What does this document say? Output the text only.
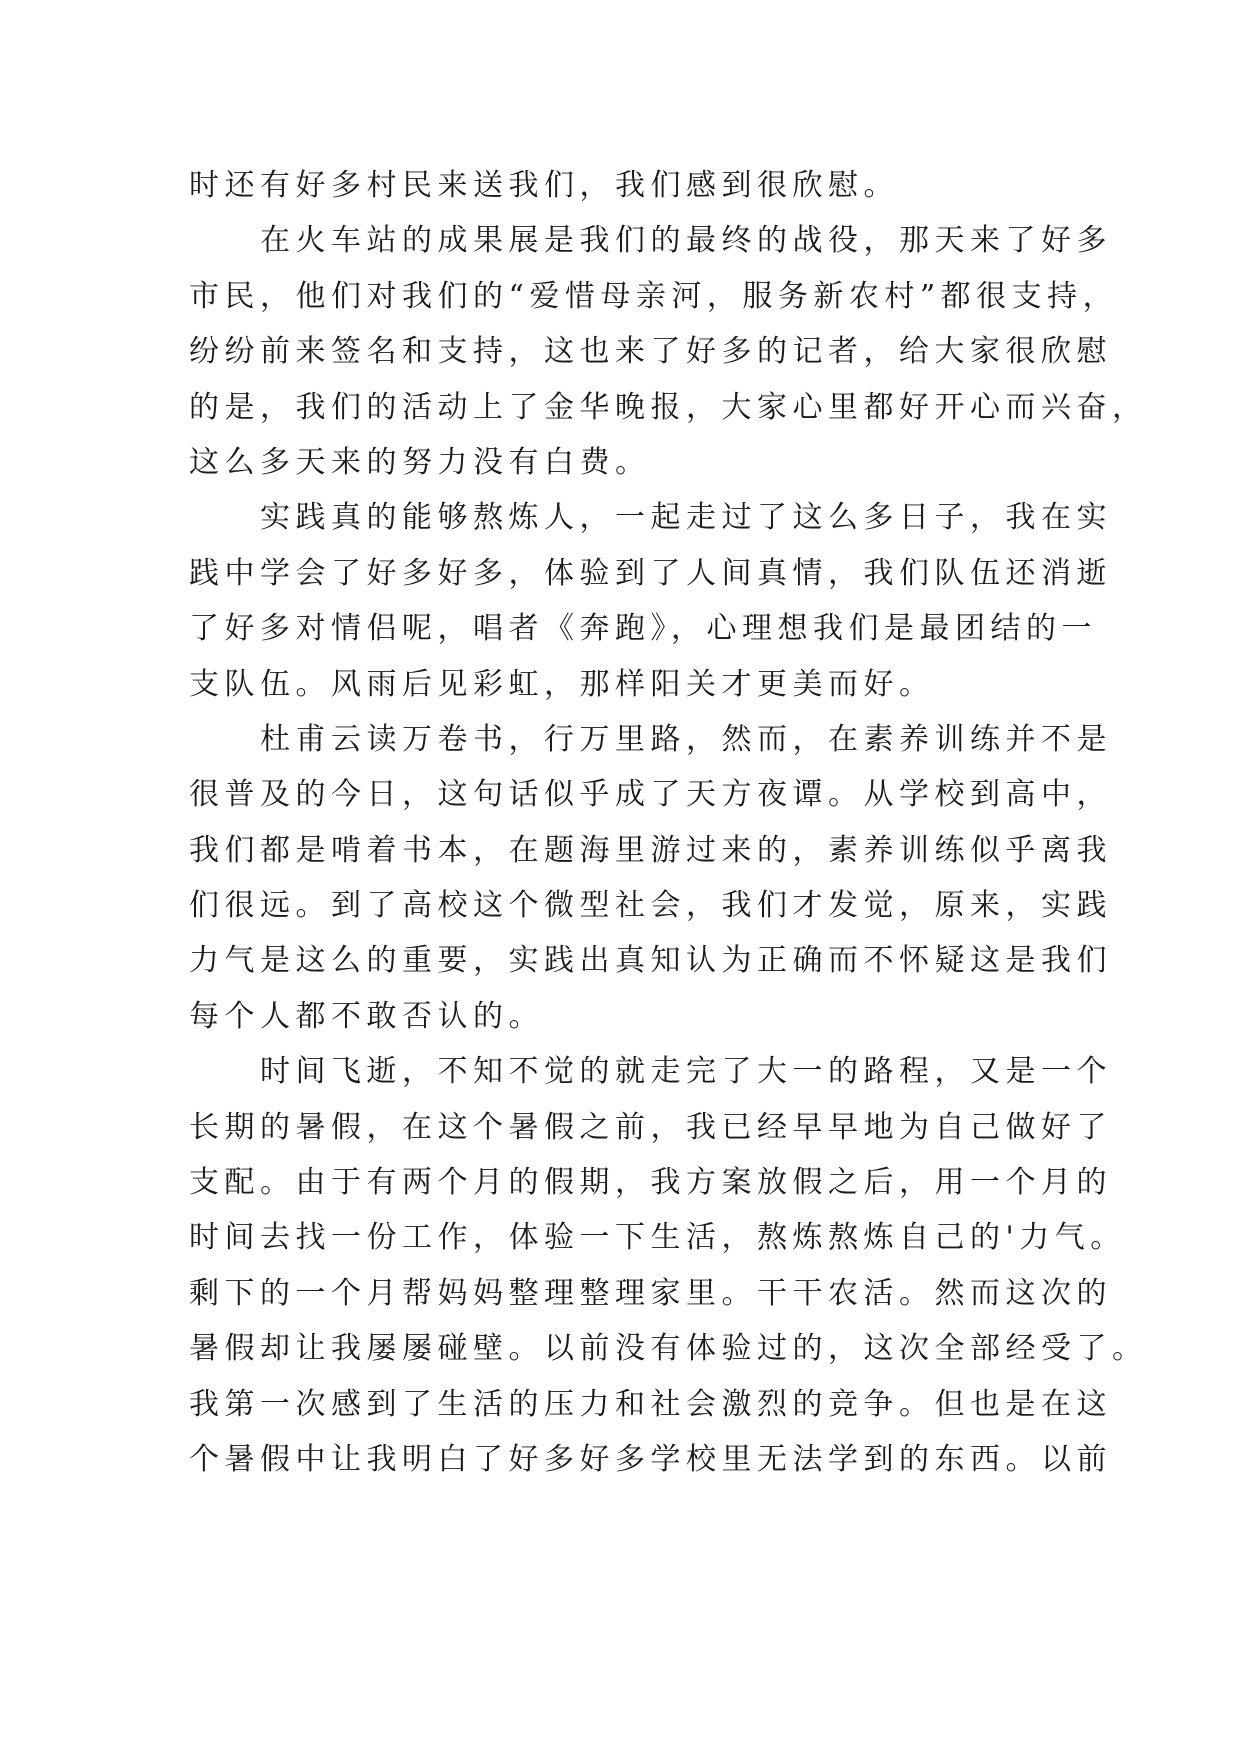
时还有好多村民来送我们，我们感到很欣慰。
　　在火车站的成果展是我们的最终的战役，那天来了好多
市民，他们对我们的“爱惜母亲河，服务新农村”都很支持，
纷纷前来签名和支持，这也来了好多的记者，给大家很欣慰
的是，我们的活动上了金华晚报，大家心里都好开心而兴奋，
这么多天来的努力没有白费。
　　实践真的能够熬炼人，一起走过了这么多日子，我在实
践中学会了好多好多，体验到了人间真情，我们队伍还消逝
了好多对情侣呢，唱者《奔跑》，心理想我们是最团结的一
支队伍。风雨后见彩虹，那样阳关才更美而好。
　　杜甫云读万卷书，行万里路，然而，在素养训练并不是
很普及的今日，这句话似乎成了天方夜谭。从学校到高中，
我们都是啃着书本，在题海里游过来的，素养训练似乎离我
们很远。到了高校这个微型社会，我们才发觉，原来，实践
力气是这么的重要，实践出真知认为正确而不怀疑这是我们
每个人都不敢否认的。
　　时间飞逝，不知不觉的就走完了大一的路程，又是一个
长期的暑假，在这个暑假之前，我已经早早地为自己做好了
支配。由于有两个月的假期，我方案放假之后，用一个月的
时间去找一份工作，体验一下生活，熬炼熬炼自己的'力气。
剩下的一个月帮妈妈整理整理家里。干干农活。然而这次的
暑假却让我屡屡碰壁。以前没有体验过的，这次全部经受了。
我第一次感到了生活的压力和社会激烈的竞争。但也是在这
个暑假中让我明白了好多好多学校里无法学到的东西。以前
